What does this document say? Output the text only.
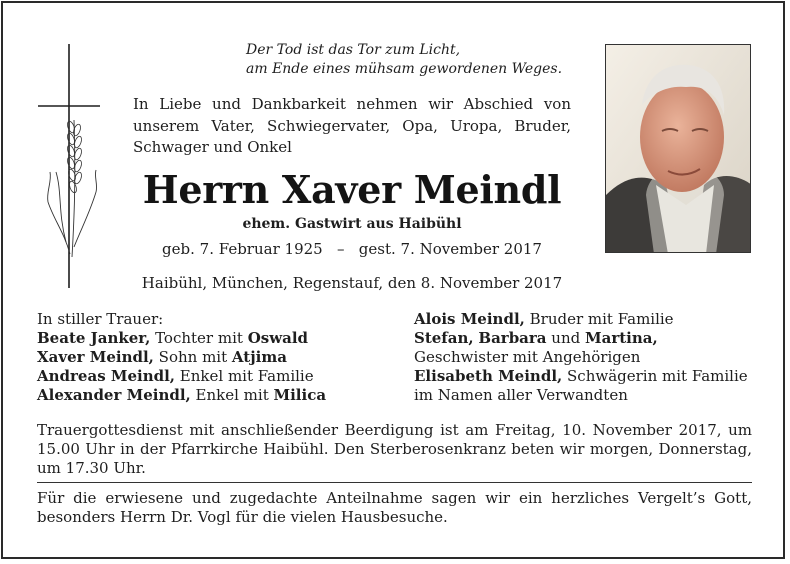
Der Tod ist das Tor zum Licht,
am Ende eines mühsam gewordenen Weges.
In Liebe und Dankbarkeit nehmen wir Abschied von unserem Vater, Schwiegervater, Opa, Uropa, Bruder, Schwager und Onkel
Herrn Xaver Meindl
ehem. Gastwirt aus Haibühl
geb. 7. Februar 1925   –   gest. 7. November 2017
Haibühl, München, Regenstauf, den 8. November 2017
In stiller Trauer:
Beate Janker, Tochter mit Oswald
Xaver Meindl, Sohn mit Atjima
Andreas Meindl, Enkel mit Familie
Alexander Meindl, Enkel mit Milica
Alois Meindl, Bruder mit Familie
Stefan, Barbara und Martina,
Geschwister mit Angehörigen
Elisabeth Meindl, Schwägerin mit Familie
im Namen aller Verwandten
Trauergottesdienst mit anschließender Beerdigung ist am Freitag, 10. November 2017, um 15.00 Uhr in der Pfarrkirche Haibühl. Den Sterberosenkranz beten wir morgen, Donnerstag, um 17.30 Uhr.
Für die erwiesene und zugedachte Anteilnahme sagen wir ein herzliches Vergelt’s Gott, besonders Herrn Dr. Vogl für die vielen Hausbesuche.
